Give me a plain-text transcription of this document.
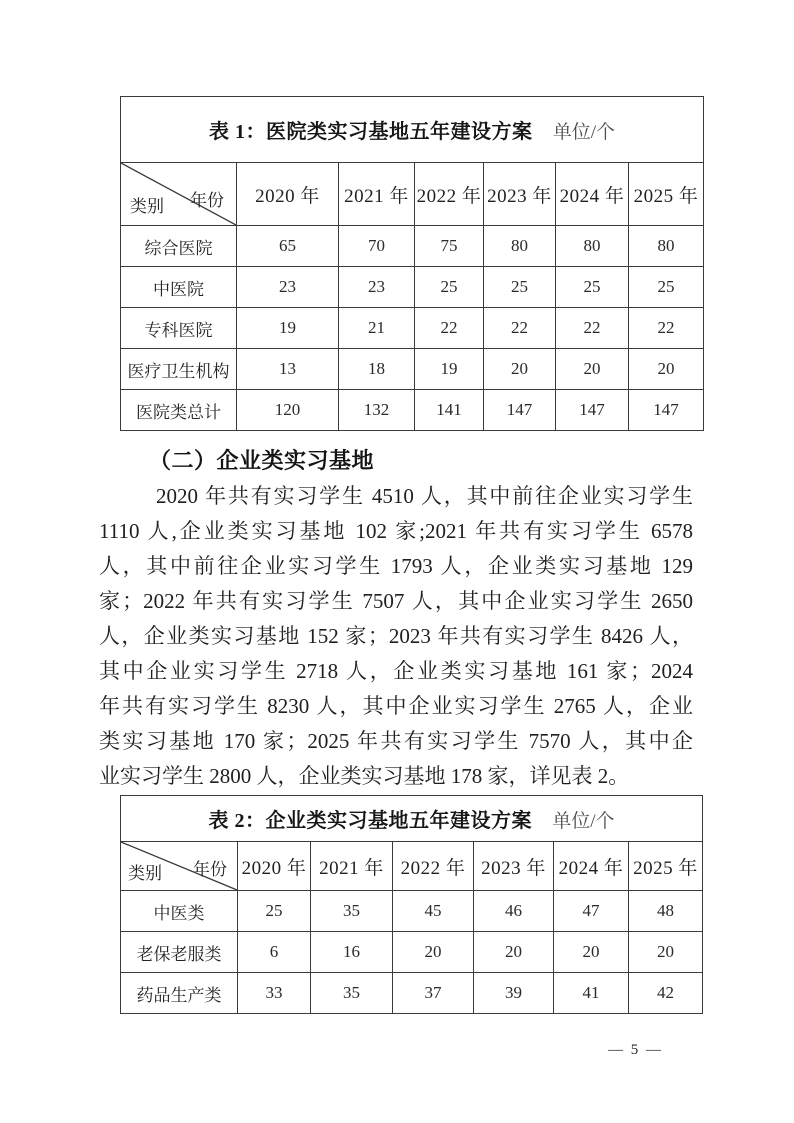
表 1：医院类实习基地五年建设方案 单位/个						

类别 年份	2020 年	2021 年	2022 年	2023 年	2024 年	2025 年
综合医院	65	70	75	80	80	80
中医院	23	23	25	25	25	25
专科医院	19	21	22	22	22	22
医疗卫生机构	13	18	19	20	20	20
医院类总计	120	132	141	147	147	147
（二）企业类实习基地
2020 年共有实习学生 4510 人，其中前往企业实习学生
1110 人,企业类实习基地 102 家;2021 年共有实习学生 6578
人，其中前往企业实习学生 1793 人，企业类实习基地 129
家；2022 年共有实习学生 7507 人，其中企业实习学生 2650
人，企业类实习基地 152 家；2023 年共有实习学生 8426 人，
其中企业实习学生 2718 人，企业类实习基地 161 家；2024
年共有实习学生 8230 人，其中企业实习学生 2765 人，企业
类实习基地 170 家；2025 年共有实习学生 7570 人，其中企
业实习学生 2800 人，企业类实习基地 178 家，详见表 2。
表 2：企业类实习基地五年建设方案 单位/个						

类别 年份	2020 年	2021 年	2022 年	2023 年	2024 年	2025 年
中医类	25	35	45	46	47	48
老保老服类	6	16	20	20	20	20
药品生产类	33	35	37	39	41	42
— 5 —
